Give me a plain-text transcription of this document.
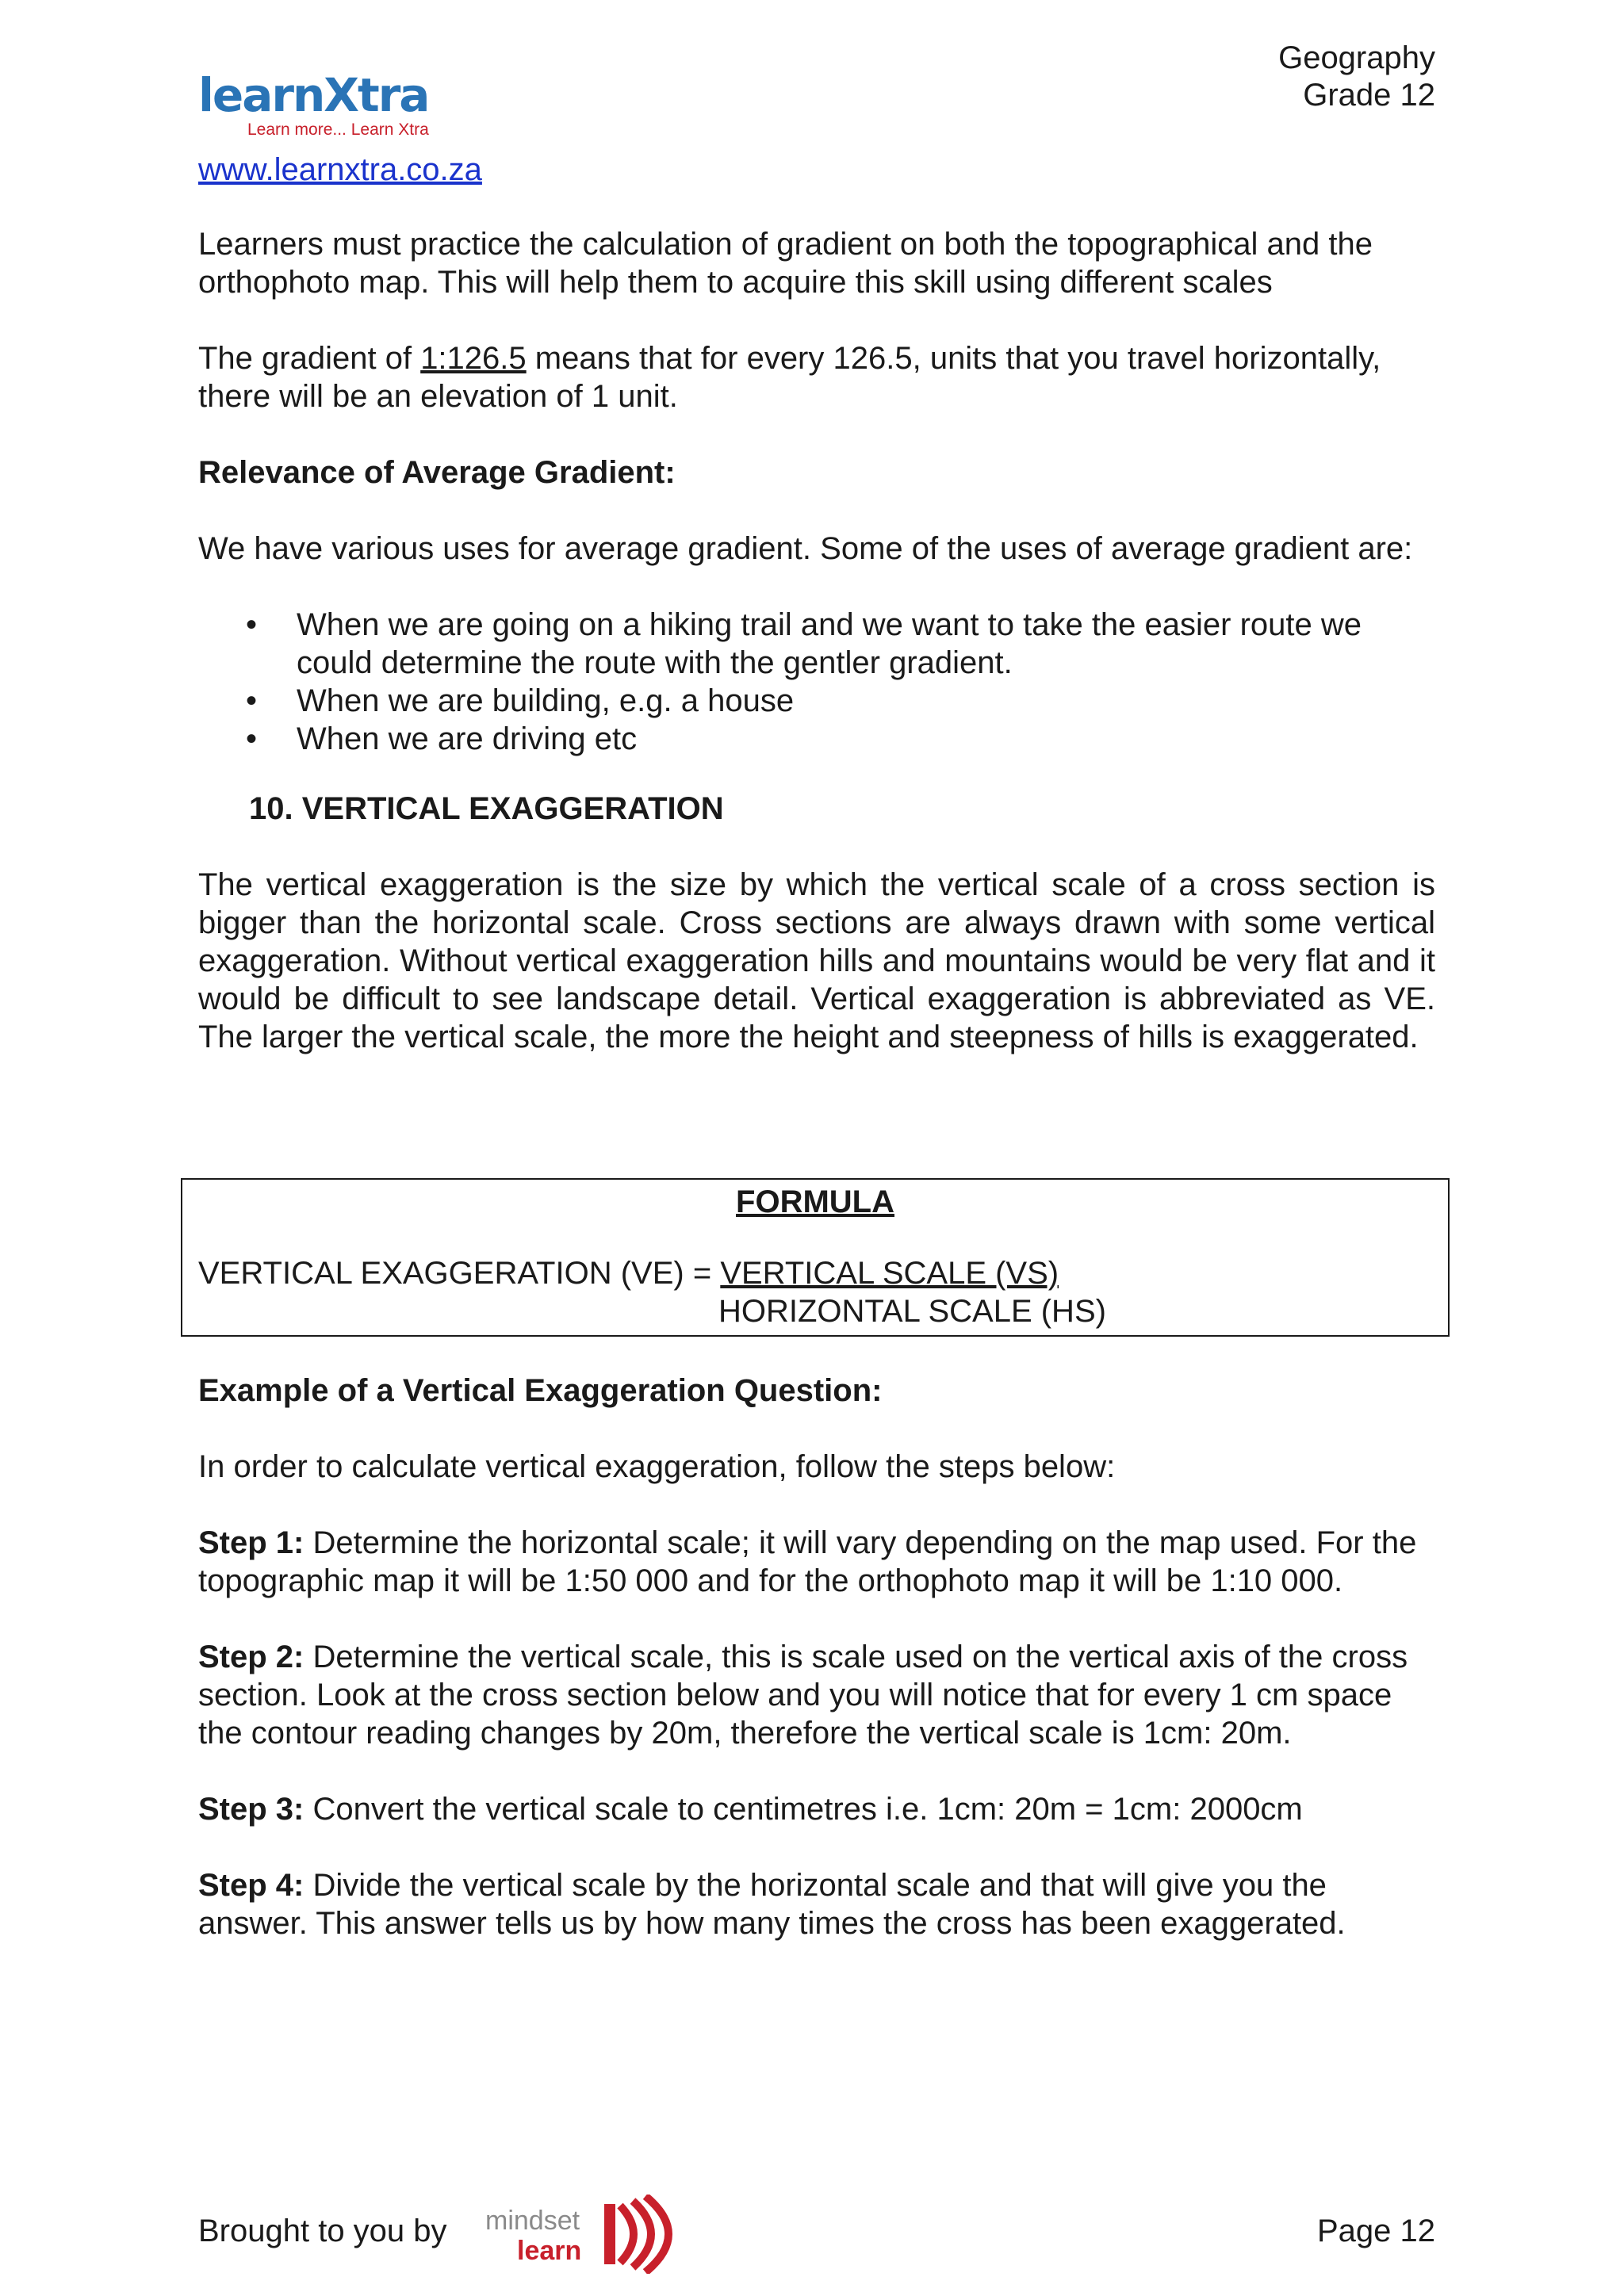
learnXtra
Learn more... Learn Xtra
Geography
Grade 12
www.learnxtra.co.za

Learners must practice the calculation of gradient on both the topographical and the orthophoto map. This will help them to acquire this skill using different scales

The gradient of 1:126.5 means that for every 126.5, units that you travel horizontally, there will be an elevation of 1 unit.

Relevance of Average Gradient:

We have various uses for average gradient. Some of the uses of average gradient are:

• When we are going on a hiking trail and we want to take the easier route we could determine the route with the gentler gradient.
• When we are building, e.g. a house
• When we are driving etc

10. VERTICAL EXAGGERATION

The vertical exaggeration is the size by which the vertical scale of a cross section is bigger than the horizontal scale. Cross sections are always drawn with some vertical exaggeration. Without vertical exaggeration hills and mountains would be very flat and it would be difficult to see landscape detail. Vertical exaggeration is abbreviated as VE. The larger the vertical scale, the more the height and steepness of hills is exaggerated.

FORMULA
VERTICAL EXAGGERATION (VE) = VERTICAL SCALE (VS)
HORIZONTAL SCALE (HS)

Example of a Vertical Exaggeration Question:

In order to calculate vertical exaggeration, follow the steps below:

Step 1: Determine the horizontal scale; it will vary depending on the map used. For the topographic map it will be 1:50 000 and for the orthophoto map it will be 1:10 000.

Step 2: Determine the vertical scale, this is scale used on the vertical axis of the cross section. Look at the cross section below and you will notice that for every 1 cm space the contour reading changes by 20m, therefore the vertical scale is 1cm: 20m.

Step 3: Convert the vertical scale to centimetres i.e. 1cm: 20m = 1cm: 2000cm

Step 4: Divide the vertical scale by the horizontal scale and that will give you the answer. This answer tells us by how many times the cross has been exaggerated.

Brought to you by mindset
learn
Page 12
